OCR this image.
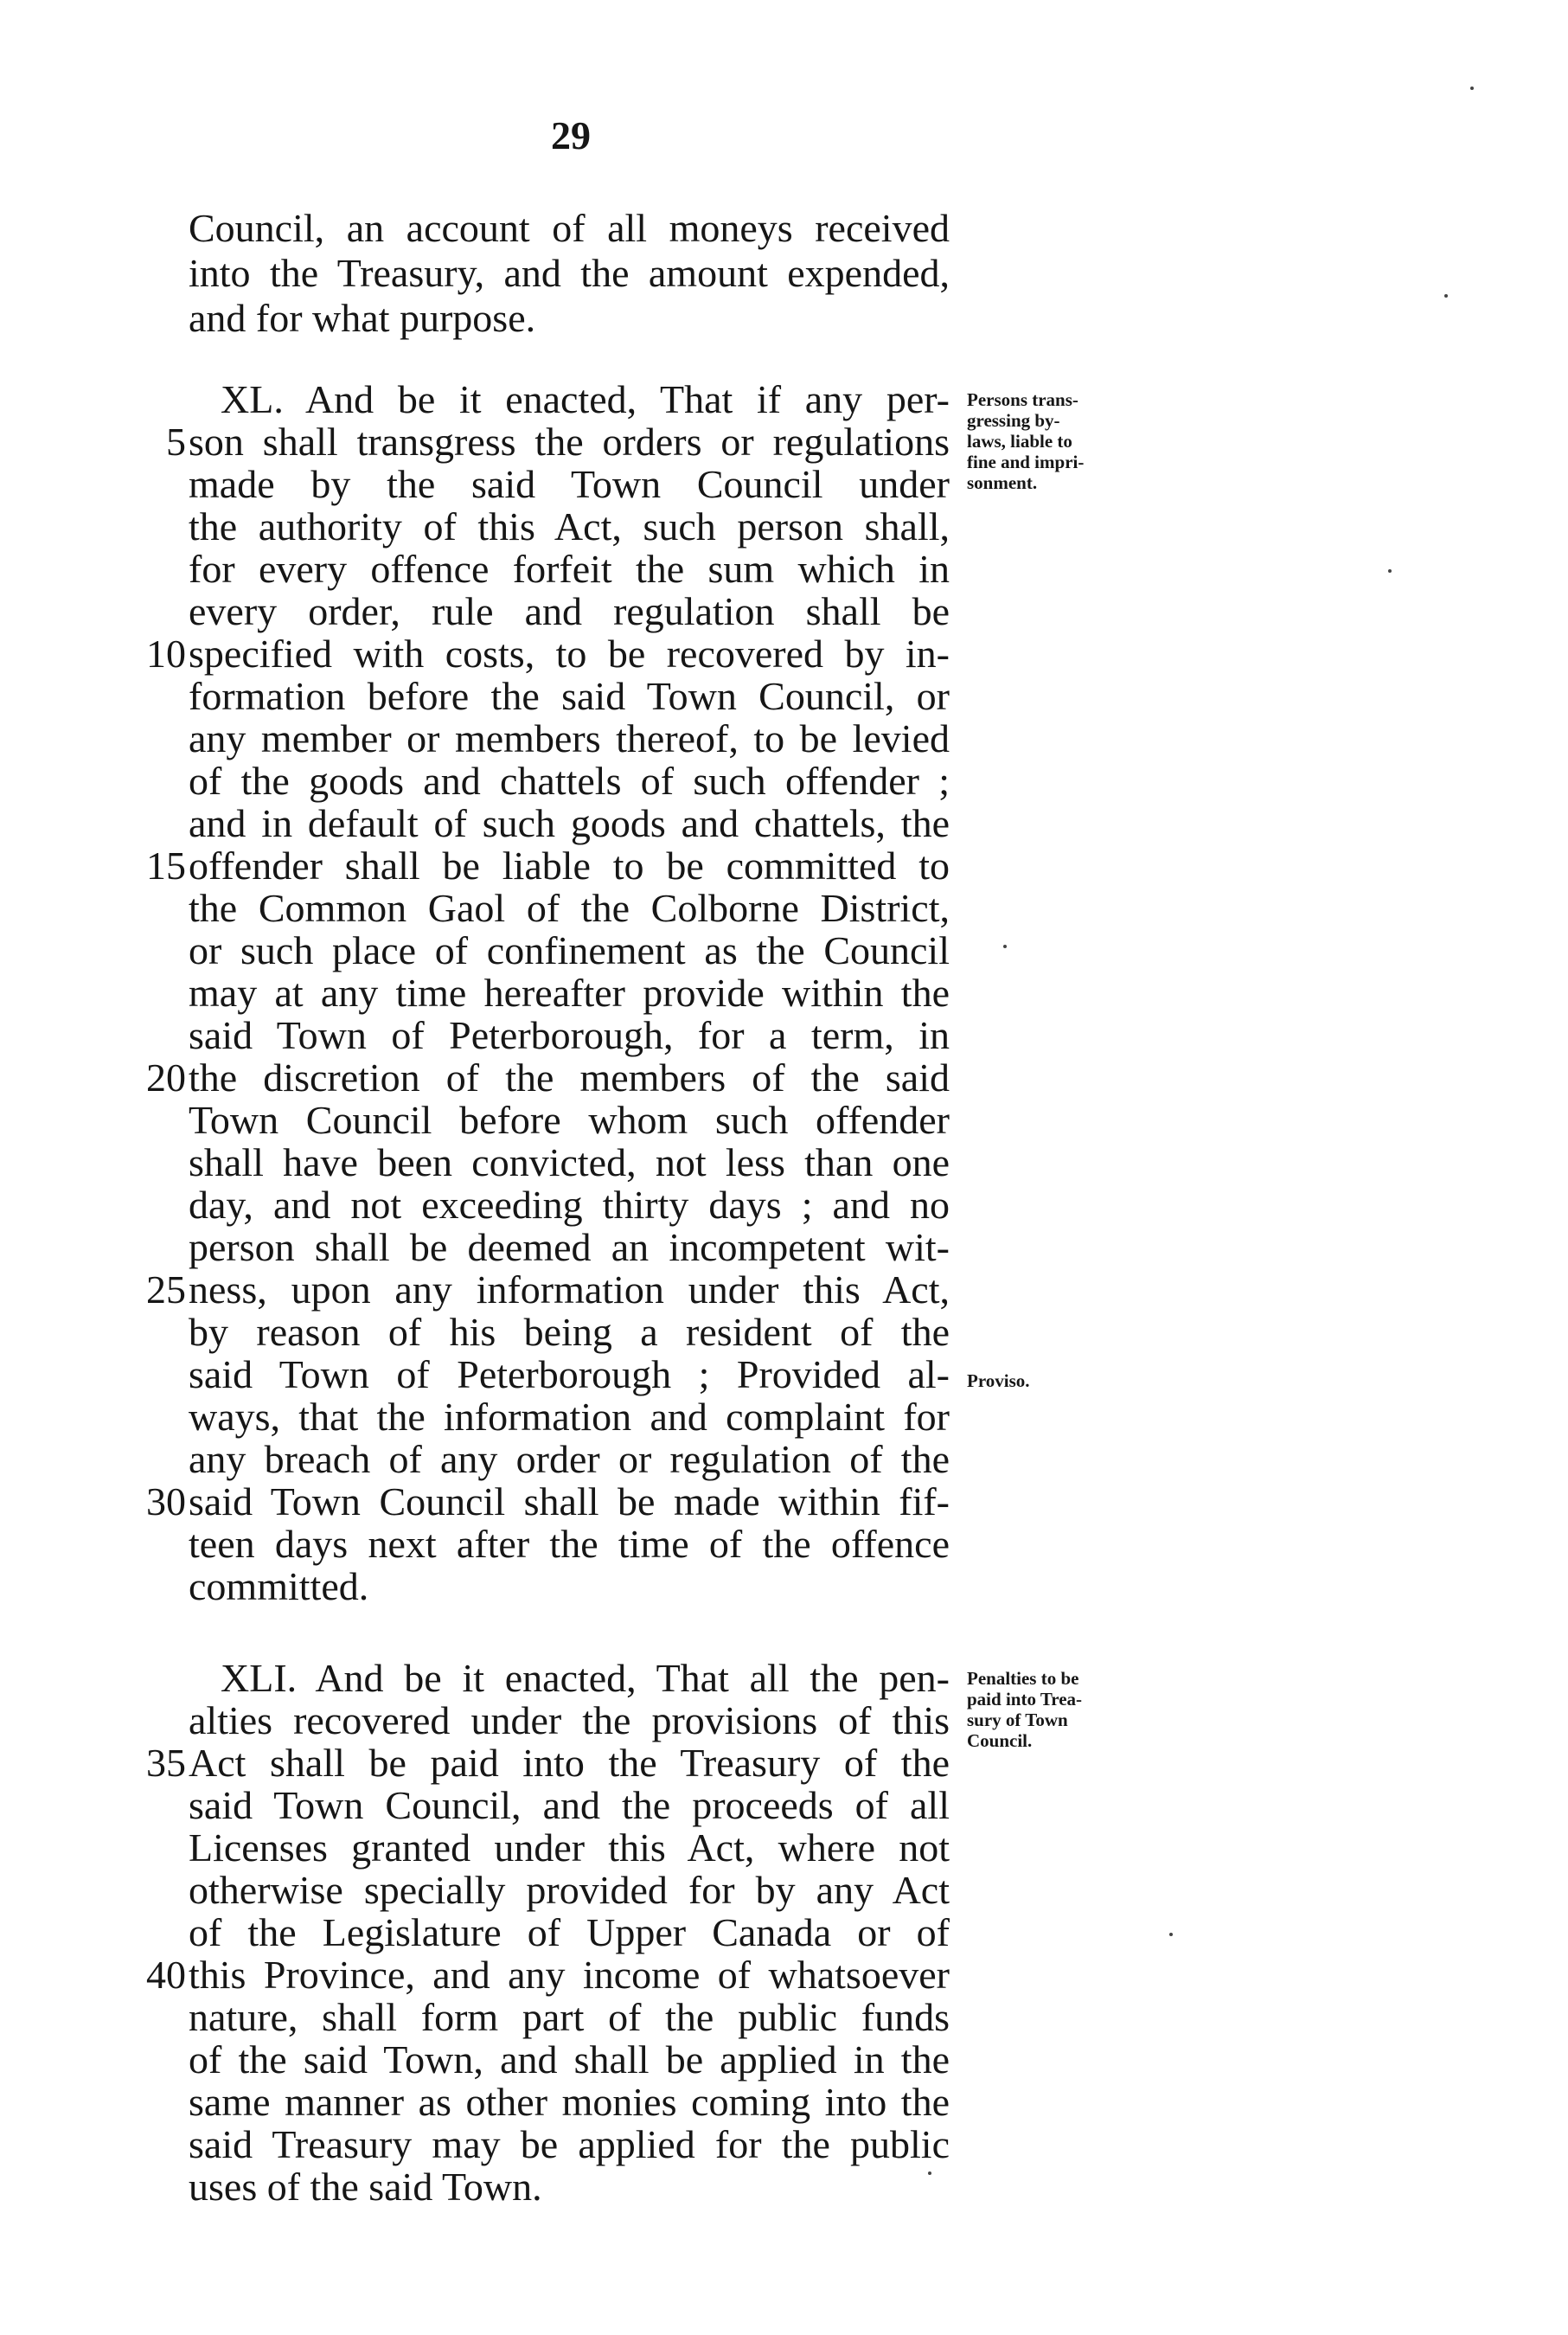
29
Council, an account of all moneys received
into the Treasury, and the amount expended,
and for what purpose.
XL. And be it enacted, That if any per-
5 son shall transgress the orders or regulations
made by the said Town Council under
the authority of this Act, such person shall,
for every offence forfeit the sum which in
every order, rule and regulation shall be
10 specified with costs, to be recovered by in-
formation before the said Town Council, or
any member or members thereof, to be levied
of the goods and chattels of such offender ;
and in default of such goods and chattels, the
15 offender shall be liable to be committed to
the Common Gaol of the Colborne District,
or such place of confinement as the Council
may at any time hereafter provide within the
said Town of Peterborough, for a term, in
20 the discretion of the members of the said
Town Council before whom such offender
shall have been convicted, not less than one
day, and not exceeding thirty days ; and no
person shall be deemed an incompetent wit-
25 ness, upon any information under this Act,
by reason of his being a resident of the
said Town of Peterborough ; Provided al-
ways, that the information and complaint for
any breach of any order or regulation of the
30 said Town Council shall be made within fif-
teen days next after the time of the offence
committed.
Persons trans-
gressing by-
laws, liable to
fine and impri-
sonment.
Proviso.
XLI. And be it enacted, That all the pen-
alties recovered under the provisions of this
35 Act shall be paid into the Treasury of the
said Town Council, and the proceeds of all
Licenses granted under this Act, where not
otherwise specially provided for by any Act
of the Legislature of Upper Canada or of
40 this Province, and any income of whatsoever
nature, shall form part of the public funds
of the said Town, and shall be applied in the
same manner as other monies coming into the
said Treasury may be applied for the public
uses of the said Town.
Penalties to be
paid into Trea-
sury of Town
Council.
